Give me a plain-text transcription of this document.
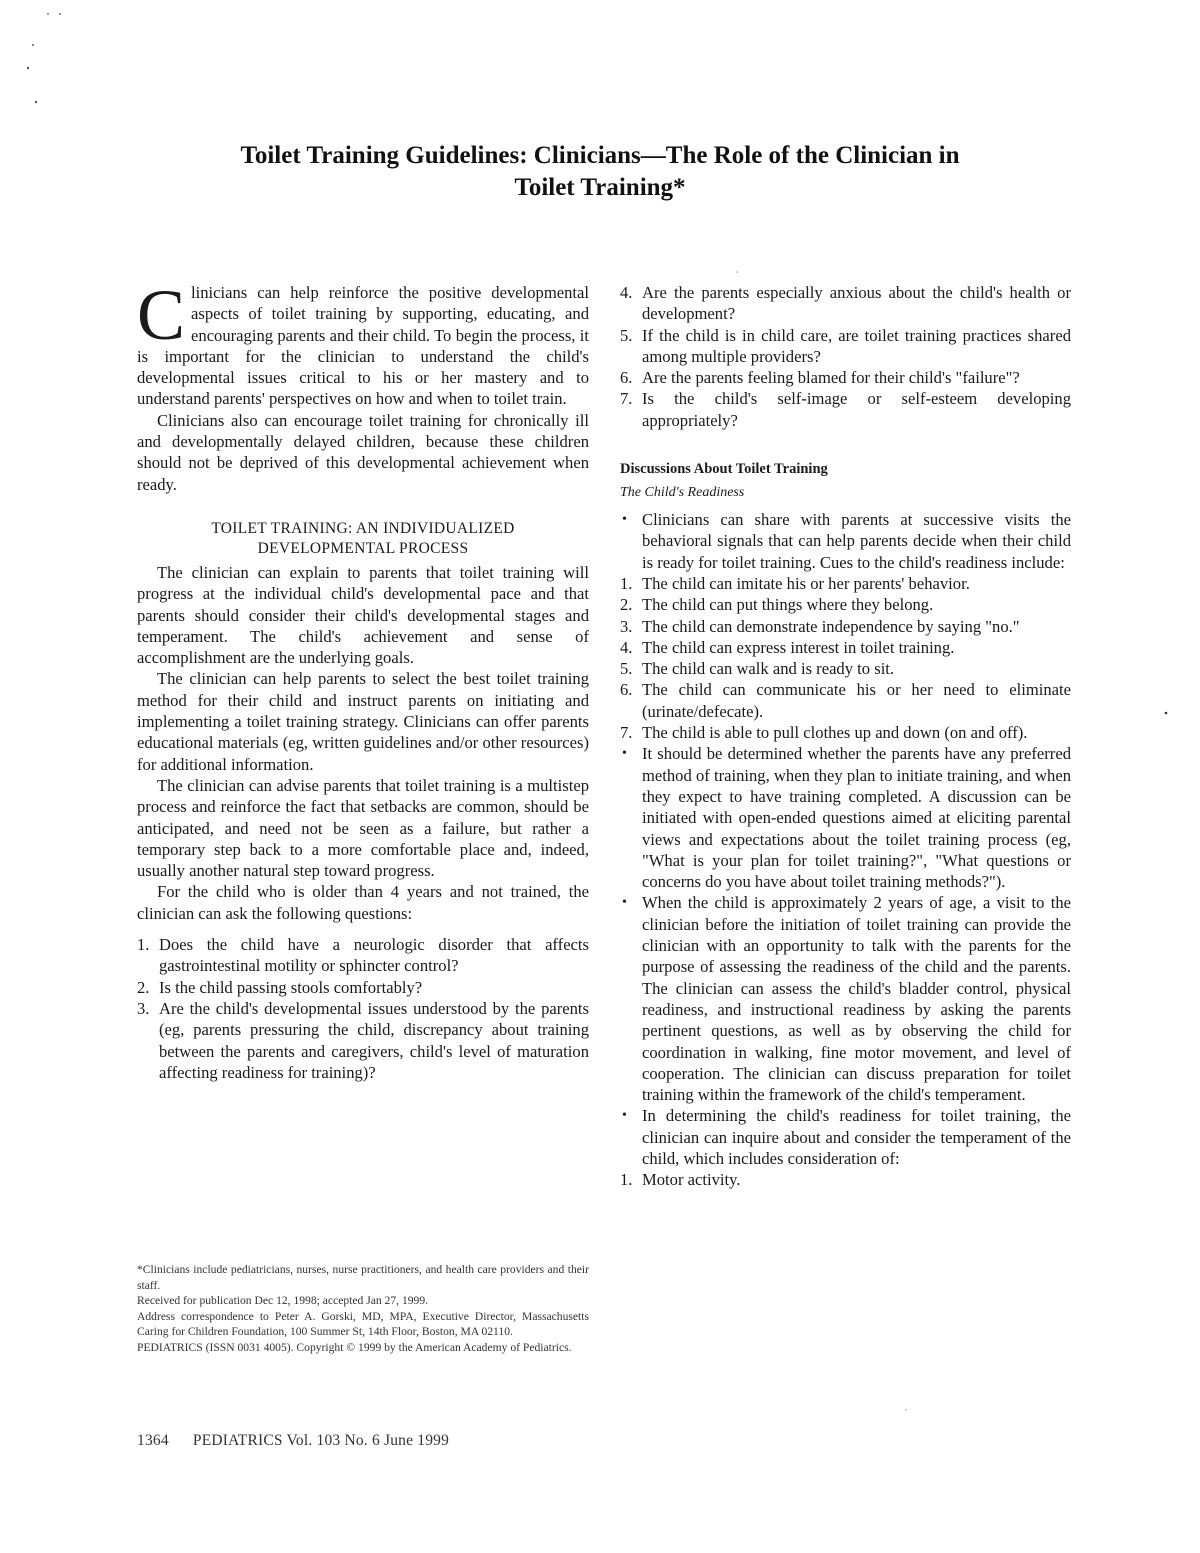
Toilet Training Guidelines: Clinicians—The Role of the Clinician in
Toilet Training*

Clinicians can help reinforce the positive developmental aspects of toilet training by supporting, educating, and encouraging parents and their child. To begin the process, it is important for the clinician to understand the child's developmental issues critical to his or her mastery and to understand parents' perspectives on how and when to toilet train.

Clinicians also can encourage toilet training for chronically ill and developmentally delayed children, because these children should not be deprived of this developmental achievement when ready.

TOILET TRAINING: AN INDIVIDUALIZED
DEVELOPMENTAL PROCESS

The clinician can explain to parents that toilet training will progress at the individual child's developmental pace and that parents should consider their child's developmental stages and temperament. The child's achievement and sense of accomplishment are the underlying goals.

The clinician can help parents to select the best toilet training method for their child and instruct parents on initiating and implementing a toilet training strategy. Clinicians can offer parents educational materials (eg, written guidelines and/or other resources) for additional information.

The clinician can advise parents that toilet training is a multistep process and reinforce the fact that setbacks are common, should be anticipated, and need not be seen as a failure, but rather a temporary step back to a more comfortable place and, indeed, usually another natural step toward progress.

For the child who is older than 4 years and not trained, the clinician can ask the following questions:

1. Does the child have a neurologic disorder that affects gastrointestinal motility or sphincter control?
2. Is the child passing stools comfortably?
3. Are the child's developmental issues understood by the parents (eg, parents pressuring the child, discrepancy about training between the parents and caregivers, child's level of maturation affecting readiness for training)?
4. Are the parents especially anxious about the child's health or development?
5. If the child is in child care, are toilet training practices shared among multiple providers?
6. Are the parents feeling blamed for their child's "failure"?
7. Is the child's self-image or self-esteem developing appropriately?
Discussions About Toilet Training
The Child's Readiness
• Clinicians can share with parents at successive visits the behavioral signals that can help parents decide when their child is ready for toilet training. Cues to the child's readiness include:
1. The child can imitate his or her parents' behavior.
2. The child can put things where they belong.
3. The child can demonstrate independence by saying "no."
4. The child can express interest in toilet training.
5. The child can walk and is ready to sit.
6. The child can communicate his or her need to eliminate (urinate/defecate).
7. The child is able to pull clothes up and down (on and off).
• It should be determined whether the parents have any preferred method of training, when they plan to initiate training, and when they expect to have training completed. A discussion can be initiated with open-ended questions aimed at eliciting parental views and expectations about the toilet training process (eg, "What is your plan for toilet training?", "What questions or concerns do you have about toilet training methods?").
• When the child is approximately 2 years of age, a visit to the clinician before the initiation of toilet training can provide the clinician with an opportunity to talk with the parents for the purpose of assessing the readiness of the child and the parents. The clinician can assess the child's bladder control, physical readiness, and instructional readiness by asking the parents pertinent questions, as well as by observing the child for coordination in walking, fine motor movement, and level of cooperation. The clinician can discuss preparation for toilet training within the framework of the child's temperament.
• In determining the child's readiness for toilet training, the clinician can inquire about and consider the temperament of the child, which includes consideration of:
1. Motor activity.
*Clinicians include pediatricians, nurses, nurse practitioners, and health care providers and their staff.
Received for publication Dec 12, 1998; accepted Jan 27, 1999.
Address correspondence to Peter A. Gorski, MD, MPA, Executive Director, Massachusetts Caring for Children Foundation, 100 Summer St, 14th Floor, Boston, MA 02110.
PEDIATRICS (ISSN 0031 4005). Copyright © 1999 by the American Academy of Pediatrics.
1364 PEDIATRICS Vol. 103 No. 6 June 1999
